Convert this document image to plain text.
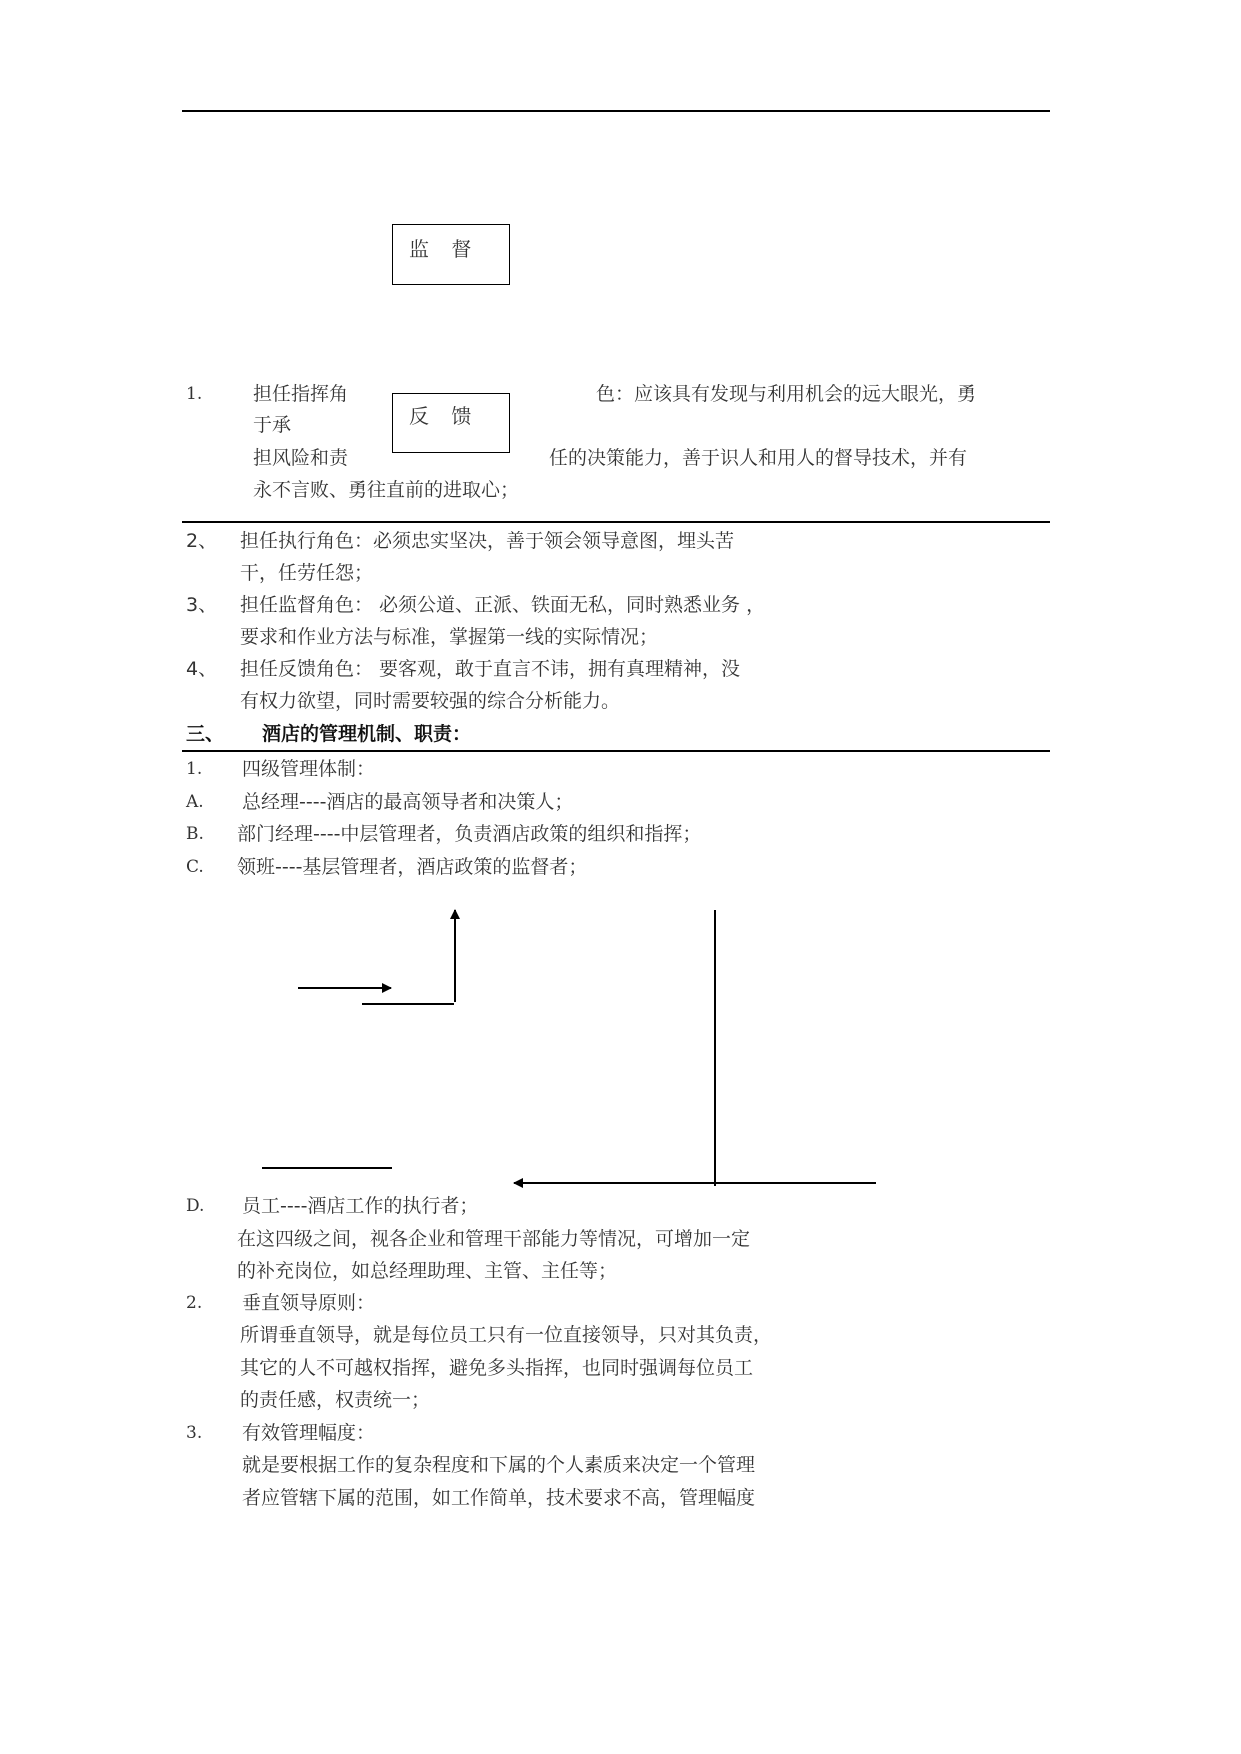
监 督
反 馈
1.	担任指挥角	色：应该具有发现与利用机会的远大眼光，勇
于承
担风险和责	任的决策能力，善于识人和用人的督导技术，并有
永不言败、勇往直前的进取心；
2、 担任执行角色：必须忠实坚决，善于领会领导意图，埋头苦
干，任劳任怨；
3、 担任监督角色： 必须公道、正派、铁面无私，同时熟悉业务 ，
要求和作业方法与标准，掌握第一线的实际情况；
4、 担任反馈角色： 要客观，敢于直言不讳，拥有真理精神，没
有权力欲望，同时需要较强的综合分析能力。
三、 酒店的管理机制、职责：
1. 四级管理体制：
A. 总经理----酒店的最高领导者和决策人；
B. 部门经理----中层管理者，负责酒店政策的组织和指挥；
C. 领班----基层管理者，酒店政策的监督者；
D. 员工----酒店工作的执行者；
在这四级之间，视各企业和管理干部能力等情况，可增加一定
的补充岗位，如总经理助理、主管、主任等；
2. 垂直领导原则：
所谓垂直领导，就是每位员工只有一位直接领导，只对其负责，
其它的人不可越权指挥，避免多头指挥，也同时强调每位员工
的责任感，权责统一；
3. 有效管理幅度：
就是要根据工作的复杂程度和下属的个人素质来决定一个管理
者应管辖下属的范围，如工作简单，技术要求不高，管理幅度
